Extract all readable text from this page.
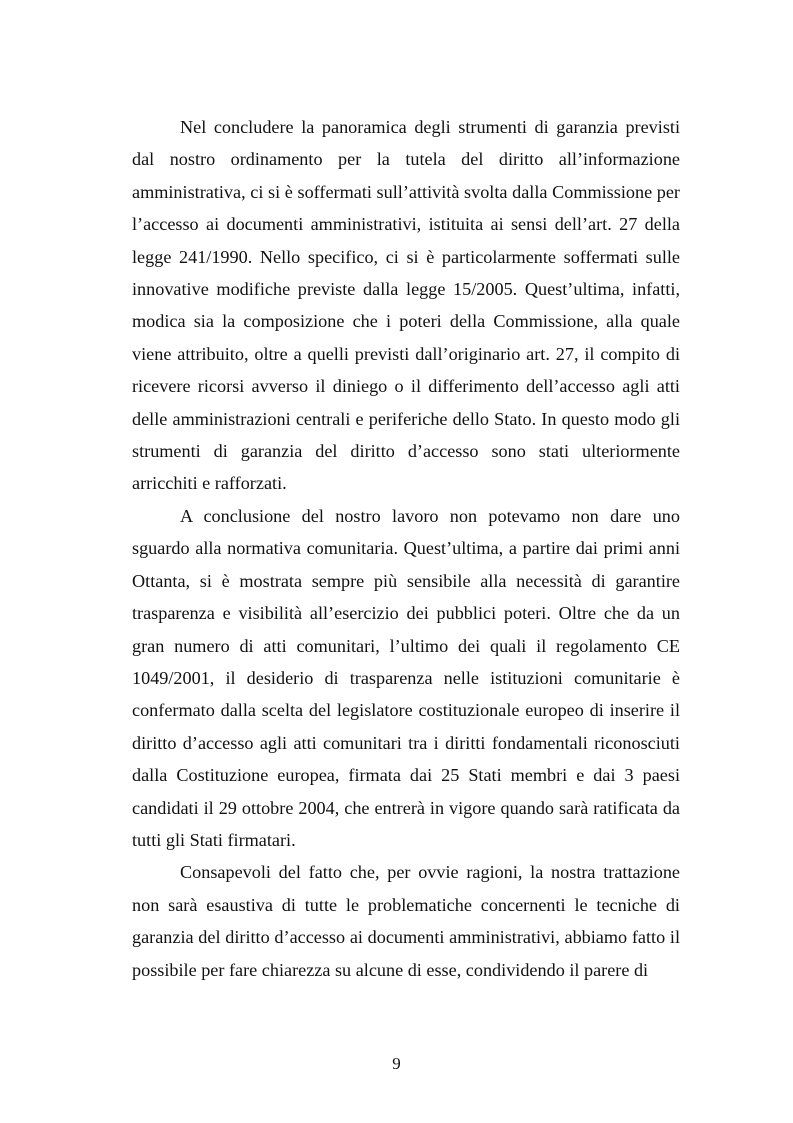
Nel concludere la panoramica degli strumenti di garanzia previsti dal nostro ordinamento per la tutela del diritto all’informazione amministrativa, ci si è soffermati sull’attività svolta dalla Commissione per l’accesso ai documenti amministrativi, istituita ai sensi dell’art. 27 della legge 241/1990. Nello specifico, ci si è particolarmente soffermati sulle innovative modifiche previste dalla legge 15/2005. Quest’ultima, infatti, modica sia la composizione che i poteri della Commissione, alla quale viene attribuito, oltre a quelli previsti dall’originario art. 27, il compito di ricevere ricorsi avverso il diniego o il differimento dell’accesso agli atti delle amministrazioni centrali e periferiche dello Stato. In questo modo gli strumenti di garanzia del diritto d’accesso sono stati ulteriormente arricchiti e rafforzati.

A conclusione del nostro lavoro non potevamo non dare uno sguardo alla normativa comunitaria. Quest’ultima, a partire dai primi anni Ottanta, si è mostrata sempre più sensibile alla necessità di garantire trasparenza e visibilità all’esercizio dei pubblici poteri. Oltre che da un gran numero di atti comunitari, l’ultimo dei quali il regolamento CE 1049/2001, il desiderio di trasparenza nelle istituzioni comunitarie è confermato dalla scelta del legislatore costituzionale europeo di inserire il diritto d’accesso agli atti comunitari tra i diritti fondamentali riconosciuti dalla Costituzione europea, firmata dai 25 Stati membri e dai 3 paesi candidati il 29 ottobre 2004, che entrerà in vigore quando sarà ratificata da tutti gli Stati firmatari.

Consapevoli del fatto che, per ovvie ragioni, la nostra trattazione non sarà esaustiva di tutte le problematiche concernenti le tecniche di garanzia del diritto d’accesso ai documenti amministrativi, abbiamo fatto il possibile per fare chiarezza su alcune di esse, condividendo il parere di

9
